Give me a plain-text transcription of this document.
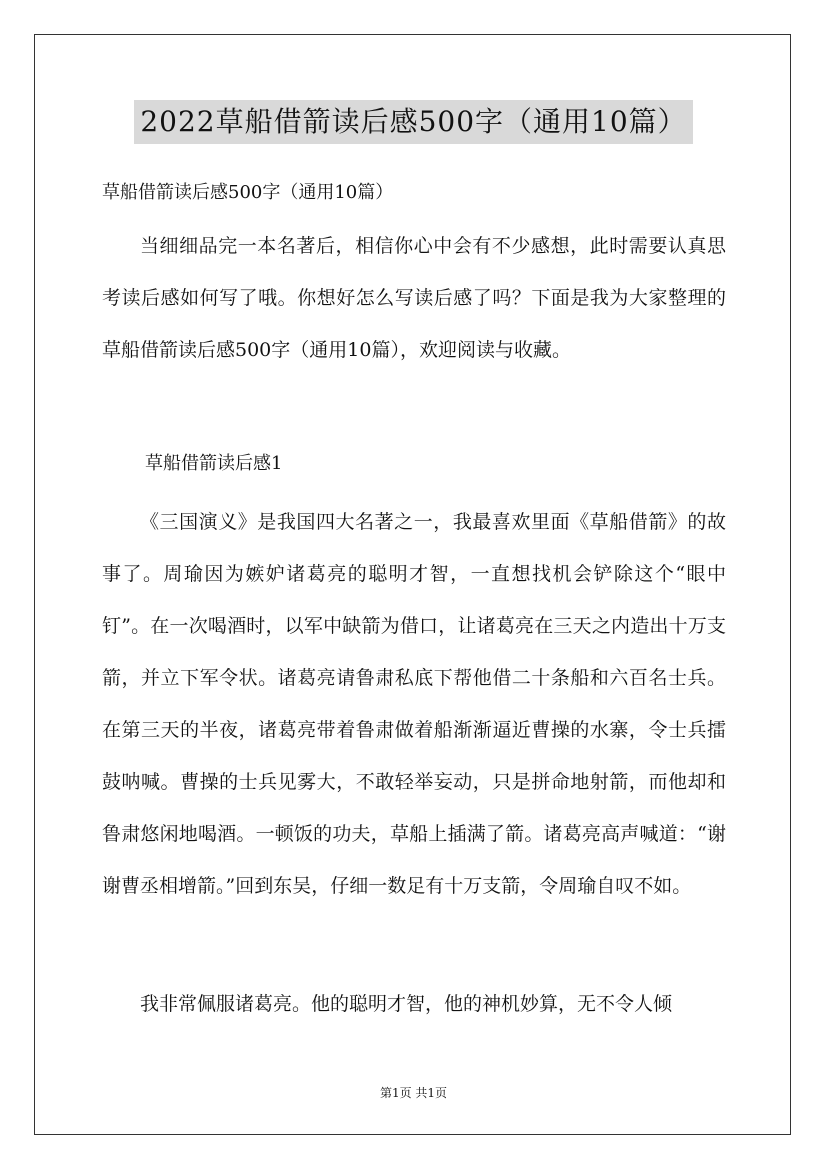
2022草船借箭读后感500字（通用10篇）
草船借箭读后感500字（通用10篇）

当细细品完一本名著后，相信你心中会有不少感想，此时需要认真思考读后感如何写了哦。你想好怎么写读后感了吗？下面是我为大家整理的草船借箭读后感500字（通用10篇），欢迎阅读与收藏。

草船借箭读后感1

《三国演义》是我国四大名著之一，我最喜欢里面《草船借箭》的故事了。周瑜因为嫉妒诸葛亮的聪明才智，一直想找机会铲除这个“眼中钉”。在一次喝酒时，以军中缺箭为借口，让诸葛亮在三天之内造出十万支箭，并立下军令状。诸葛亮请鲁肃私底下帮他借二十条船和六百名士兵。在第三天的半夜，诸葛亮带着鲁肃做着船渐渐逼近曹操的水寨，令士兵擂鼓呐喊。曹操的士兵见雾大，不敢轻举妄动，只是拼命地射箭，而他却和鲁肃悠闲地喝酒。一顿饭的功夫，草船上插满了箭。诸葛亮高声喊道：“谢谢曹丞相增箭。”回到东吴，仔细一数足有十万支箭，令周瑜自叹不如。

我非常佩服诸葛亮。他的聪明才智，他的神机妙算，无不令人倾

第1页 共1页
